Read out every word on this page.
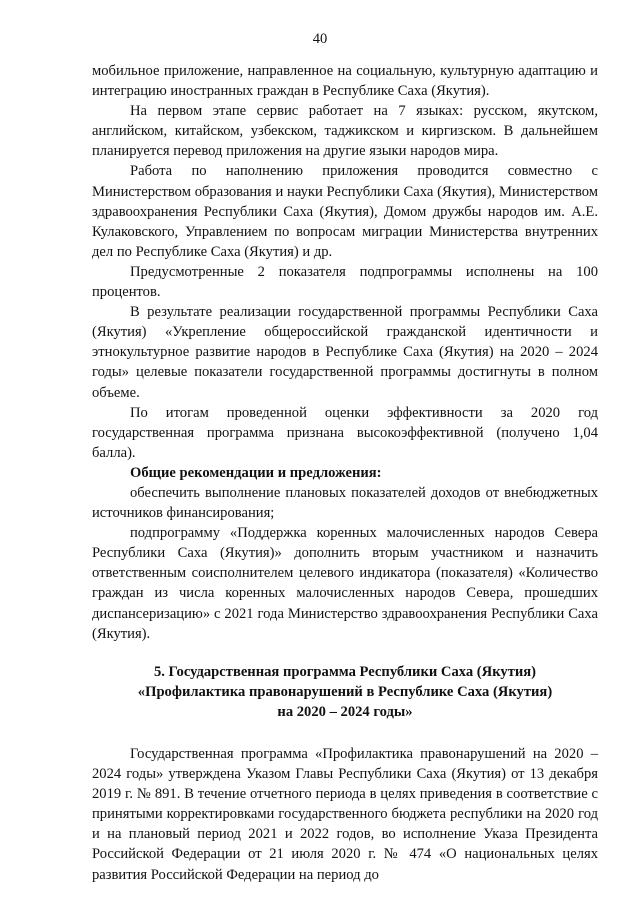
40

мобильное приложение, направленное на социальную, культурную адаптацию и интеграцию иностранных граждан в Республике Саха (Якутия).

На первом этапе сервис работает на 7 языках: русском, якутском, английском, китайском, узбекском, таджикском и киргизском. В дальнейшем планируется перевод приложения на другие языки народов мира.

Работа по наполнению приложения проводится совместно с Министерством образования и науки Республики Саха (Якутия), Министерством здравоохранения Республики Саха (Якутия), Домом дружбы народов им. А.Е. Кулаковского, Управлением по вопросам миграции Министерства внутренних дел по Республике Саха (Якутия) и др.

Предусмотренные 2 показателя подпрограммы исполнены на 100 процентов.

В результате реализации государственной программы Республики Саха (Якутия) «Укрепление общероссийской гражданской идентичности и этнокультурное развитие народов в Республике Саха (Якутия) на 2020 – 2024 годы» целевые показатели государственной программы достигнуты в полном объеме.

По итогам проведенной оценки эффективности за 2020 год государственная программа признана высокоэффективной (получено 1,04 балла).

Общие рекомендации и предложения:

обеспечить выполнение плановых показателей доходов от внебюджетных источников финансирования;

подпрограмму «Поддержка коренных малочисленных народов Севера Республики Саха (Якутия)» дополнить вторым участником и назначить ответственным соисполнителем целевого индикатора (показателя) «Количество граждан из числа коренных малочисленных народов Севера, прошедших диспансеризацию» с 2021 года Министерство здравоохранения Республики Саха (Якутия).

5. Государственная программа Республики Саха (Якутия)
«Профилактика правонарушений в Республике Саха (Якутия)
на 2020 – 2024 годы»

Государственная программа «Профилактика правонарушений на 2020 – 2024 годы» утверждена Указом Главы Республики Саха (Якутия) от 13 декабря 2019 г. № 891. В течение отчетного периода в целях приведения в соответствие с принятыми корректировками государственного бюджета республики на 2020 год и на плановый период 2021 и 2022 годов, во исполнение Указа Президента Российской Федерации от 21 июля 2020 г. № 474 «О национальных целях развития Российской Федерации на период до
